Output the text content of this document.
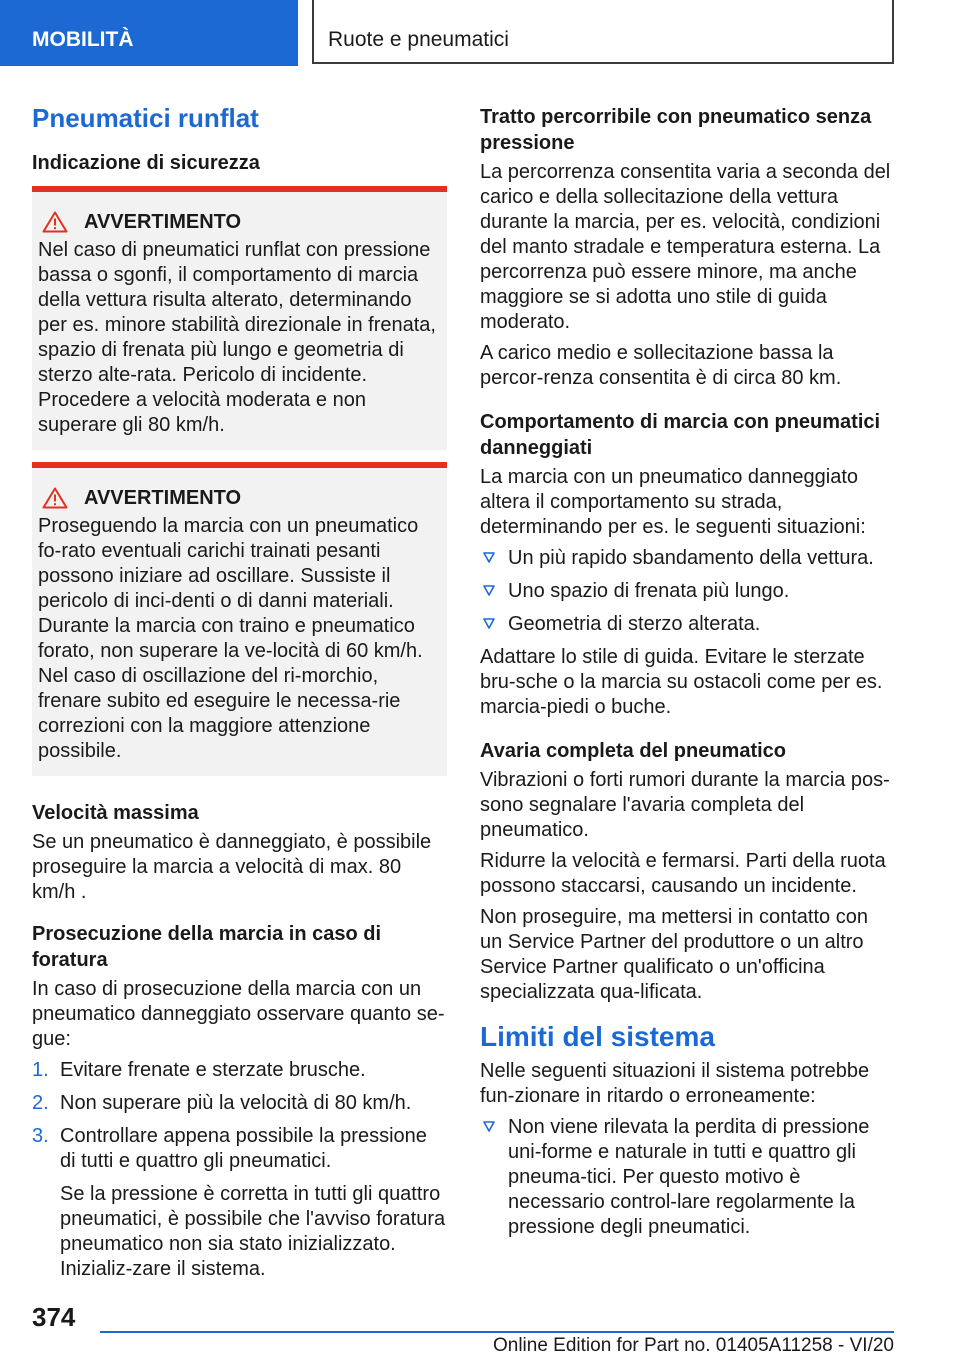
MOBILITÀ	Ruote e pneumatici
Pneumatici runflat
Indicazione di sicurezza
AVVERTIMENTO

Nel caso di pneumatici runflat con pressione bassa o sgonfi, il comportamento di marcia della vettura risulta alterato, determinando per es. minore stabilità direzionale in frenata, spazio di frenata più lungo e geometria di sterzo alte-rata. Pericolo di incidente. Procedere a velocità moderata e non superare gli 80 km/h.

AVVERTIMENTO

Proseguendo la marcia con un pneumatico fo-rato eventuali carichi trainati pesanti possono iniziare ad oscillare. Sussiste il pericolo di inci-denti o di danni materiali. Durante la marcia con traino e pneumatico forato, non superare la ve-locità di 60 km/h. Nel caso di oscillazione del ri-morchio, frenare subito ed eseguire le necessa-rie correzioni con la maggiore attenzione possibile.

Velocità massima

Se un pneumatico è danneggiato, è possibile proseguire la marcia a velocità di max. 80 km/h .

Prosecuzione della marcia in caso di foratura

In caso di prosecuzione della marcia con un pneumatico danneggiato osservare quanto se-gue:

1. Evitare frenate e sterzate brusche.

2. Non superare più la velocità di 80 km/h.

3. Controllare appena possibile la pressione di tutti e quattro gli pneumatici.

Se la pressione è corretta in tutti gli quattro pneumatici, è possibile che l'avviso foratura pneumatico non sia stato inizializzato. Inizializ-zare il sistema.

Tratto percorribile con pneumatico senza pressione

La percorrenza consentita varia a seconda del carico e della sollecitazione della vettura durante la marcia, per es. velocità, condizioni del manto stradale e temperatura esterna. La percorrenza può essere minore, ma anche maggiore se si adotta uno stile di guida moderato.

A carico medio e sollecitazione bassa la percor-renza consentita è di circa 80 km.

Comportamento di marcia con pneumatici danneggiati

La marcia con un pneumatico danneggiato altera il comportamento su strada, determinando per es. le seguenti situazioni:

Un più rapido sbandamento della vettura.

Uno spazio di frenata più lungo.

Geometria di sterzo alterata.

Adattare lo stile di guida. Evitare le sterzate bru-sche o la marcia su ostacoli come per es. marcia-piedi o buche.

Avaria completa del pneumatico

Vibrazioni o forti rumori durante la marcia pos-sono segnalare l'avaria completa del pneumatico.

Ridurre la velocità e fermarsi. Parti della ruota possono staccarsi, causando un incidente.

Non proseguire, ma mettersi in contatto con un Service Partner del produttore o un altro Service Partner qualificato o un'officina specializzata qua-lificata.

Limiti del sistema

Nelle seguenti situazioni il sistema potrebbe fun-zionare in ritardo o erroneamente:

Non viene rilevata la perdita di pressione uni-forme e naturale in tutti e quattro gli pneuma-tici. Per questo motivo è necessario control-lare regolarmente la pressione degli pneumatici.

374
Online Edition for Part no. 01405A11258 - VI/20
